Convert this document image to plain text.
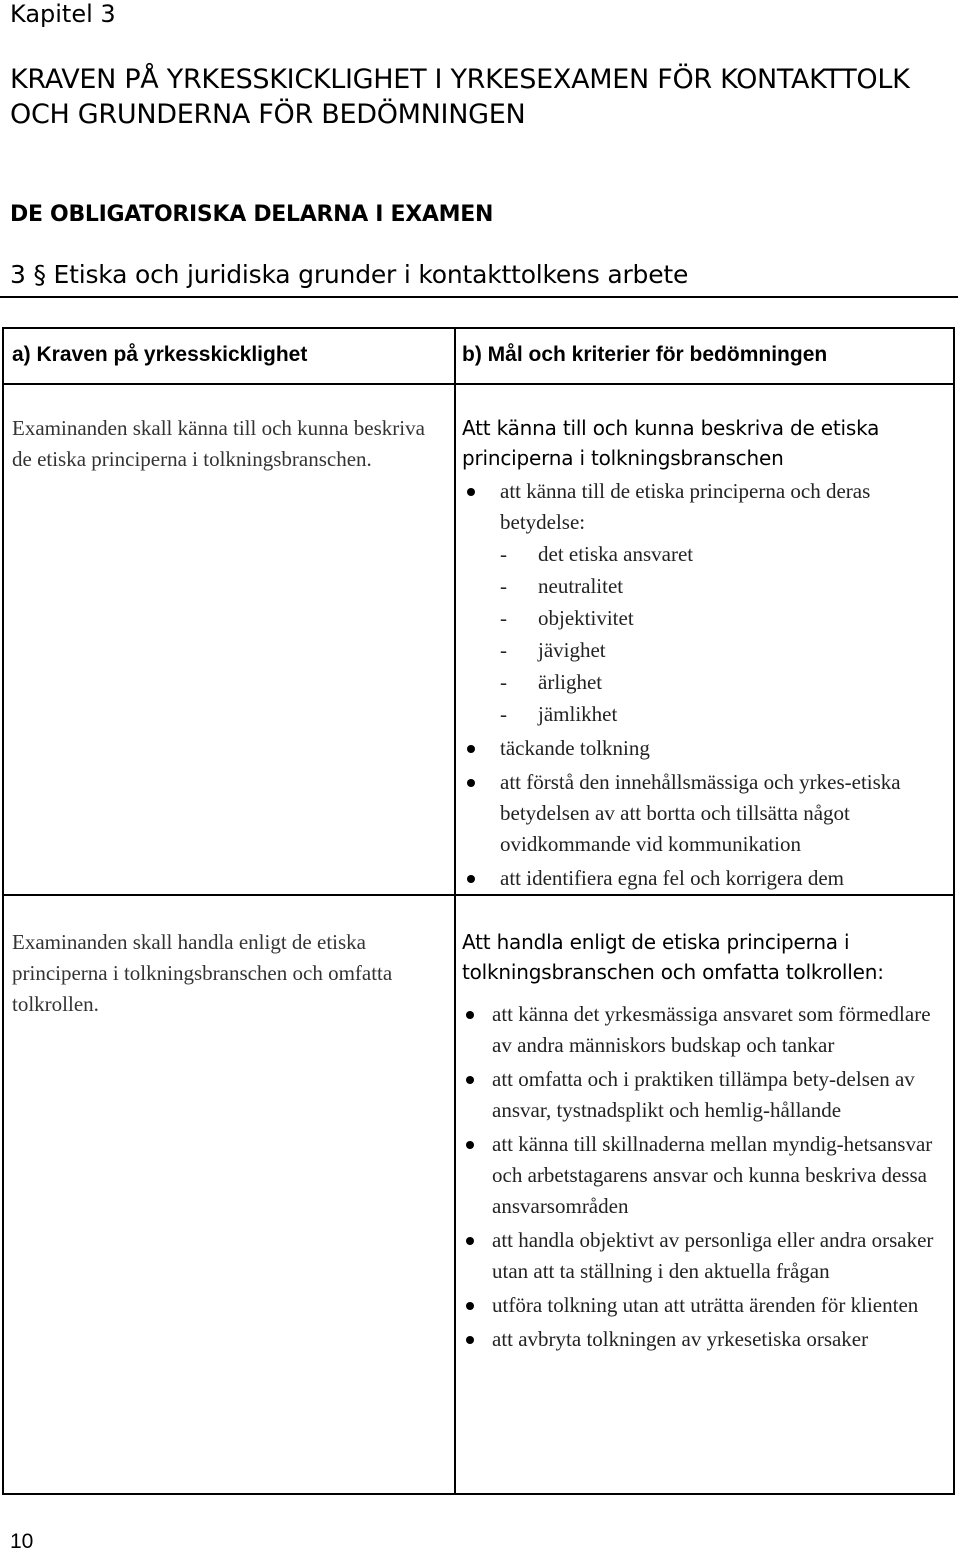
Kapitel 3
KRAVEN PÅ YRKESSKICKLIGHET I YRKESEXAMEN FÖR KONTAKTTOLK OCH GRUNDERNA FÖR BEDÖMNINGEN
DE OBLIGATORISKA DELARNA I EXAMEN
3 § Etiska och juridiska grunder i kontakttolkens arbete
a) Kraven på yrkesskicklighet	b) Mål och kriterier för bedömningen
Examinanden skall känna till och kunna beskriva de etiska principerna i tolkningsbranschen.
Att känna till och kunna beskriva de etiska principerna i tolkningsbranschen
att känna till de etiska principerna och deras betydelse:
- det etiska ansvaret
- neutralitet
- objektivitet
- jävighet
- ärlighet
- jämlikhet
täckande tolkning
att förstå den innehållsmässiga och yrkes-etiska betydelsen av att bortta och tillsätta något ovidkommande vid kommunikation
att identifiera egna fel och korrigera dem
Examinanden skall handla enligt de etiska principerna i tolkningsbranschen och omfatta tolkrollen.
Att handla enligt de etiska principerna i tolkningsbranschen och omfatta tolkrollen:
att känna det yrkesmässiga ansvaret som förmedlare av andra människors budskap och tankar
att omfatta och i praktiken tillämpa bety-delsen av ansvar, tystnadsplikt och hemlig-hållande
att känna till skillnaderna mellan myndig-hetsansvar och arbetstagarens ansvar och kunna beskriva dessa ansvarsområden
att handla objektivt av personliga eller andra orsaker utan att ta ställning i den aktuella frågan
utföra tolkning utan att uträtta ärenden för klienten
att avbryta tolkningen av yrkesetiska orsaker
10
